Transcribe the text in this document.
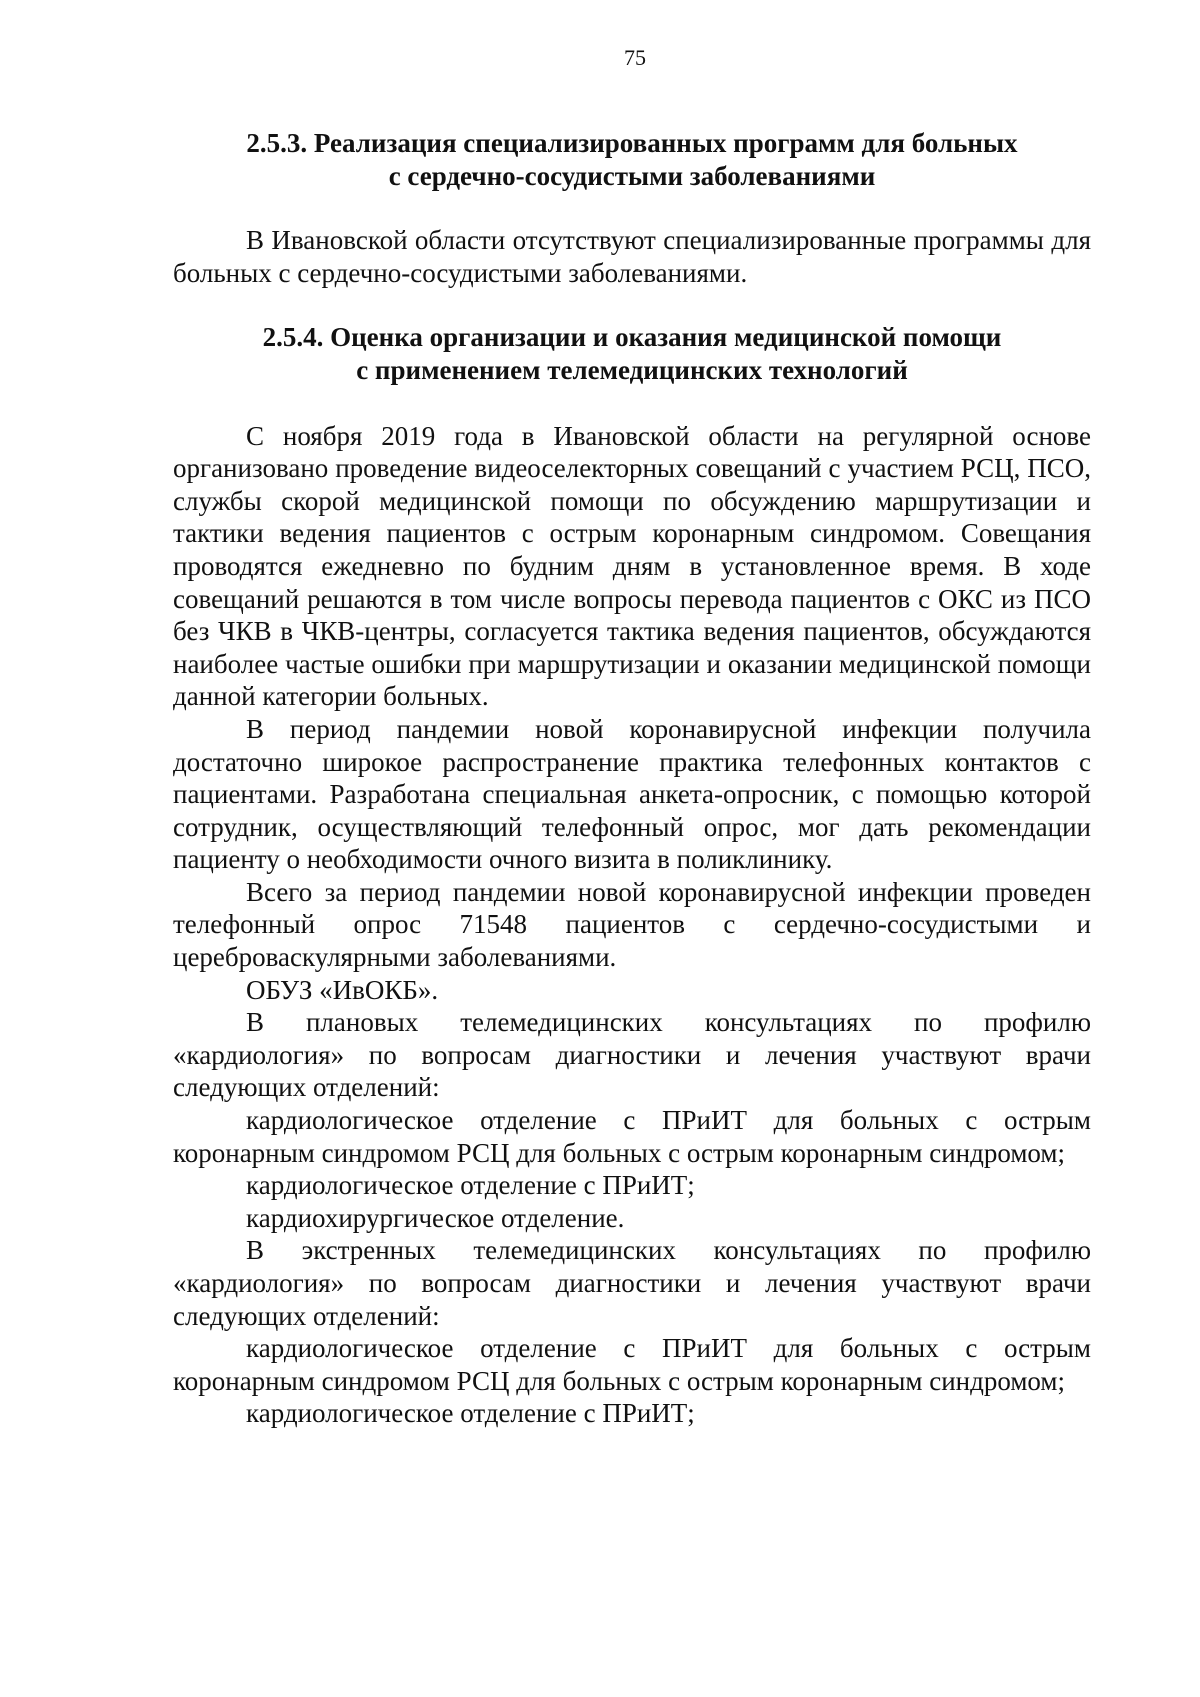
75

2.5.3. Реализация специализированных программ для больных
с сердечно-сосудистыми заболеваниями

В Ивановской области отсутствуют специализированные программы для больных с сердечно-сосудистыми заболеваниями.

2.5.4. Оценка организации и оказания медицинской помощи
с применением телемедицинских технологий

С ноября 2019 года в Ивановской области на регулярной основе организовано проведение видеоселекторных совещаний с участием РСЦ, ПСО, службы скорой медицинской помощи по обсуждению маршрутизации и тактики ведения пациентов с острым коронарным синдромом. Совещания проводятся ежедневно по будним дням в установленное время. В ходе совещаний решаются в том числе вопросы перевода пациентов с ОКС из ПСО без ЧКВ в ЧКВ-центры, согласуется тактика ведения пациентов, обсуждаются наиболее частые ошибки при маршрутизации и оказании медицинской помощи данной категории больных.

В период пандемии новой коронавирусной инфекции получила достаточно широкое распространение практика телефонных контактов с пациентами. Разработана специальная анкета-опросник, с помощью которой сотрудник, осуществляющий телефонный опрос, мог дать рекомендации пациенту о необходимости очного визита в поликлинику.

Всего за период пандемии новой коронавирусной инфекции проведен телефонный опрос 71548 пациентов с сердечно-сосудистыми и цереброваскулярными заболеваниями.

ОБУЗ «ИвОКБ».

В плановых телемедицинских консультациях по профилю «кардиология» по вопросам диагностики и лечения участвуют врачи следующих отделений:

кардиологическое отделение с ПРиИТ для больных с острым коронарным синдромом РСЦ для больных с острым коронарным синдромом;

кардиологическое отделение с ПРиИТ;

кардиохирургическое отделение.

В экстренных телемедицинских консультациях по профилю «кардиология» по вопросам диагностики и лечения участвуют врачи следующих отделений:

кардиологическое отделение с ПРиИТ для больных с острым коронарным синдромом РСЦ для больных с острым коронарным синдромом;

кардиологическое отделение с ПРиИТ;
